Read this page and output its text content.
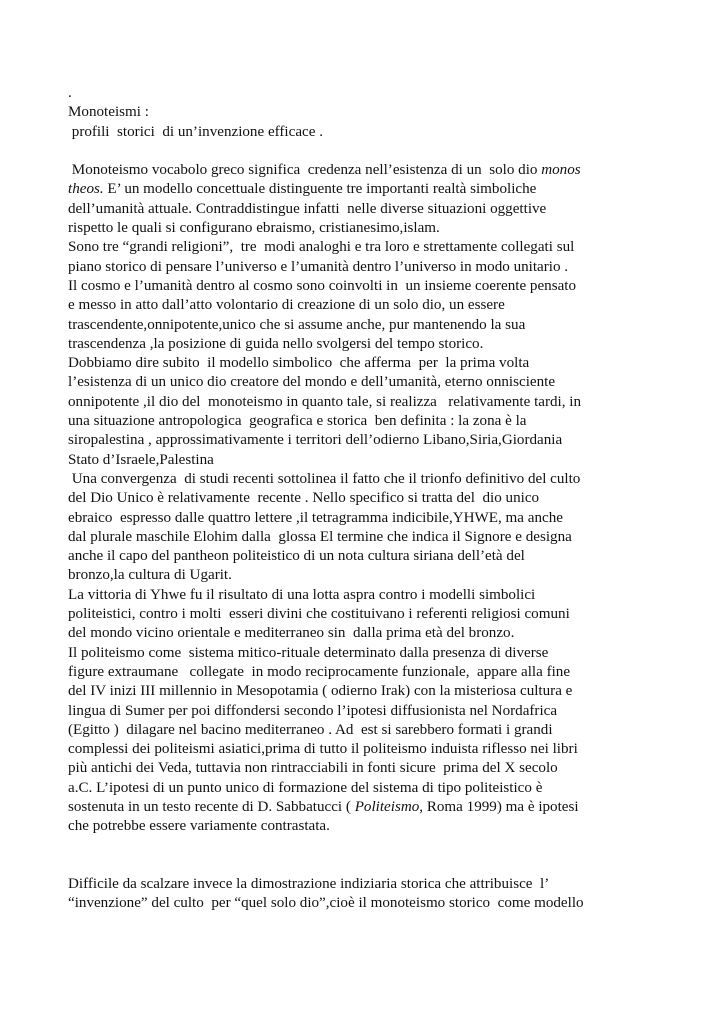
.
Monoteismi :
profili  storici  di un’invenzione efficace .
Monoteismo vocabolo greco significa  credenza nell’esistenza di un  solo dio monos
theos. E’ un modello concettuale distinguente tre importanti realtà simboliche
dell’umanità attuale. Contraddistingue infatti  nelle diverse situazioni oggettive
rispetto le quali si configurano ebraismo, cristianesimo,islam.
Sono tre “grandi religioni”,  tre  modi analoghi e tra loro e strettamente collegati sul
piano storico di pensare l’universo e l’umanità dentro l’universo in modo unitario .
Il cosmo e l’umanità dentro al cosmo sono coinvolti in  un insieme coerente pensato
e messo in atto dall’atto volontario di creazione di un solo dio, un essere
trascendente,onnipotente,unico che si assume anche, pur mantenendo la sua
trascendenza ,la posizione di guida nello svolgersi del tempo storico.
Dobbiamo dire subito  il modello simbolico  che afferma  per  la prima volta
l’esistenza di un unico dio creatore del mondo e dell’umanità, eterno onnisciente
onnipotente ,il dio del  monoteismo in quanto tale, si realizza   relativamente tardi, in
una situazione antropologica  geografica e storica  ben definita : la zona è la
siropalestina , approssimativamente i territori dell’odierno Libano,Siria,Giordania
Stato d’Israele,Palestina
Una convergenza  di studi recenti sottolinea il fatto che il trionfo definitivo del culto
del Dio Unico è relativamente  recente . Nello specifico si tratta del  dio unico
ebraico  espresso dalle quattro lettere ,il tetragramma indicibile,YHWE, ma anche
dal plurale maschile Elohim dalla  glossa El termine che indica il Signore e designa
anche il capo del pantheon politeistico di un nota cultura siriana dell’età del
bronzo,la cultura di Ugarit.
La vittoria di Yhwe fu il risultato di una lotta aspra contro i modelli simbolici
politeistici, contro i molti  esseri divini che costituivano i referenti religiosi comuni
del mondo vicino orientale e mediterraneo sin  dalla prima età del bronzo.
Il politeismo come  sistema mitico-rituale determinato dalla presenza di diverse
figure extraumane   collegate  in modo reciprocamente funzionale,  appare alla fine
del IV inizi III millennio in Mesopotamia ( odierno Irak) con la misteriosa cultura e
lingua di Sumer per poi diffondersi secondo l’ipotesi diffusionista nel Nordafrica
(Egitto )  dilagare nel bacino mediterraneo . Ad  est si sarebbero formati i grandi
complessi dei politeismi asiatici,prima di tutto il politeismo induista riflesso nei libri
più antichi dei Veda, tuttavia non rintracciabili in fonti sicure  prima del X secolo
a.C. L’ipotesi di un punto unico di formazione del sistema di tipo politeistico è
sostenuta in un testo recente di D. Sabbatucci ( Politeismo, Roma 1999) ma è ipotesi
che potrebbe essere variamente contrastata.
Difficile da scalzare invece la dimostrazione indiziaria storica che attribuisce  l’
“invenzione” del culto  per “quel solo dio”,cioè il monoteismo storico  come modello
